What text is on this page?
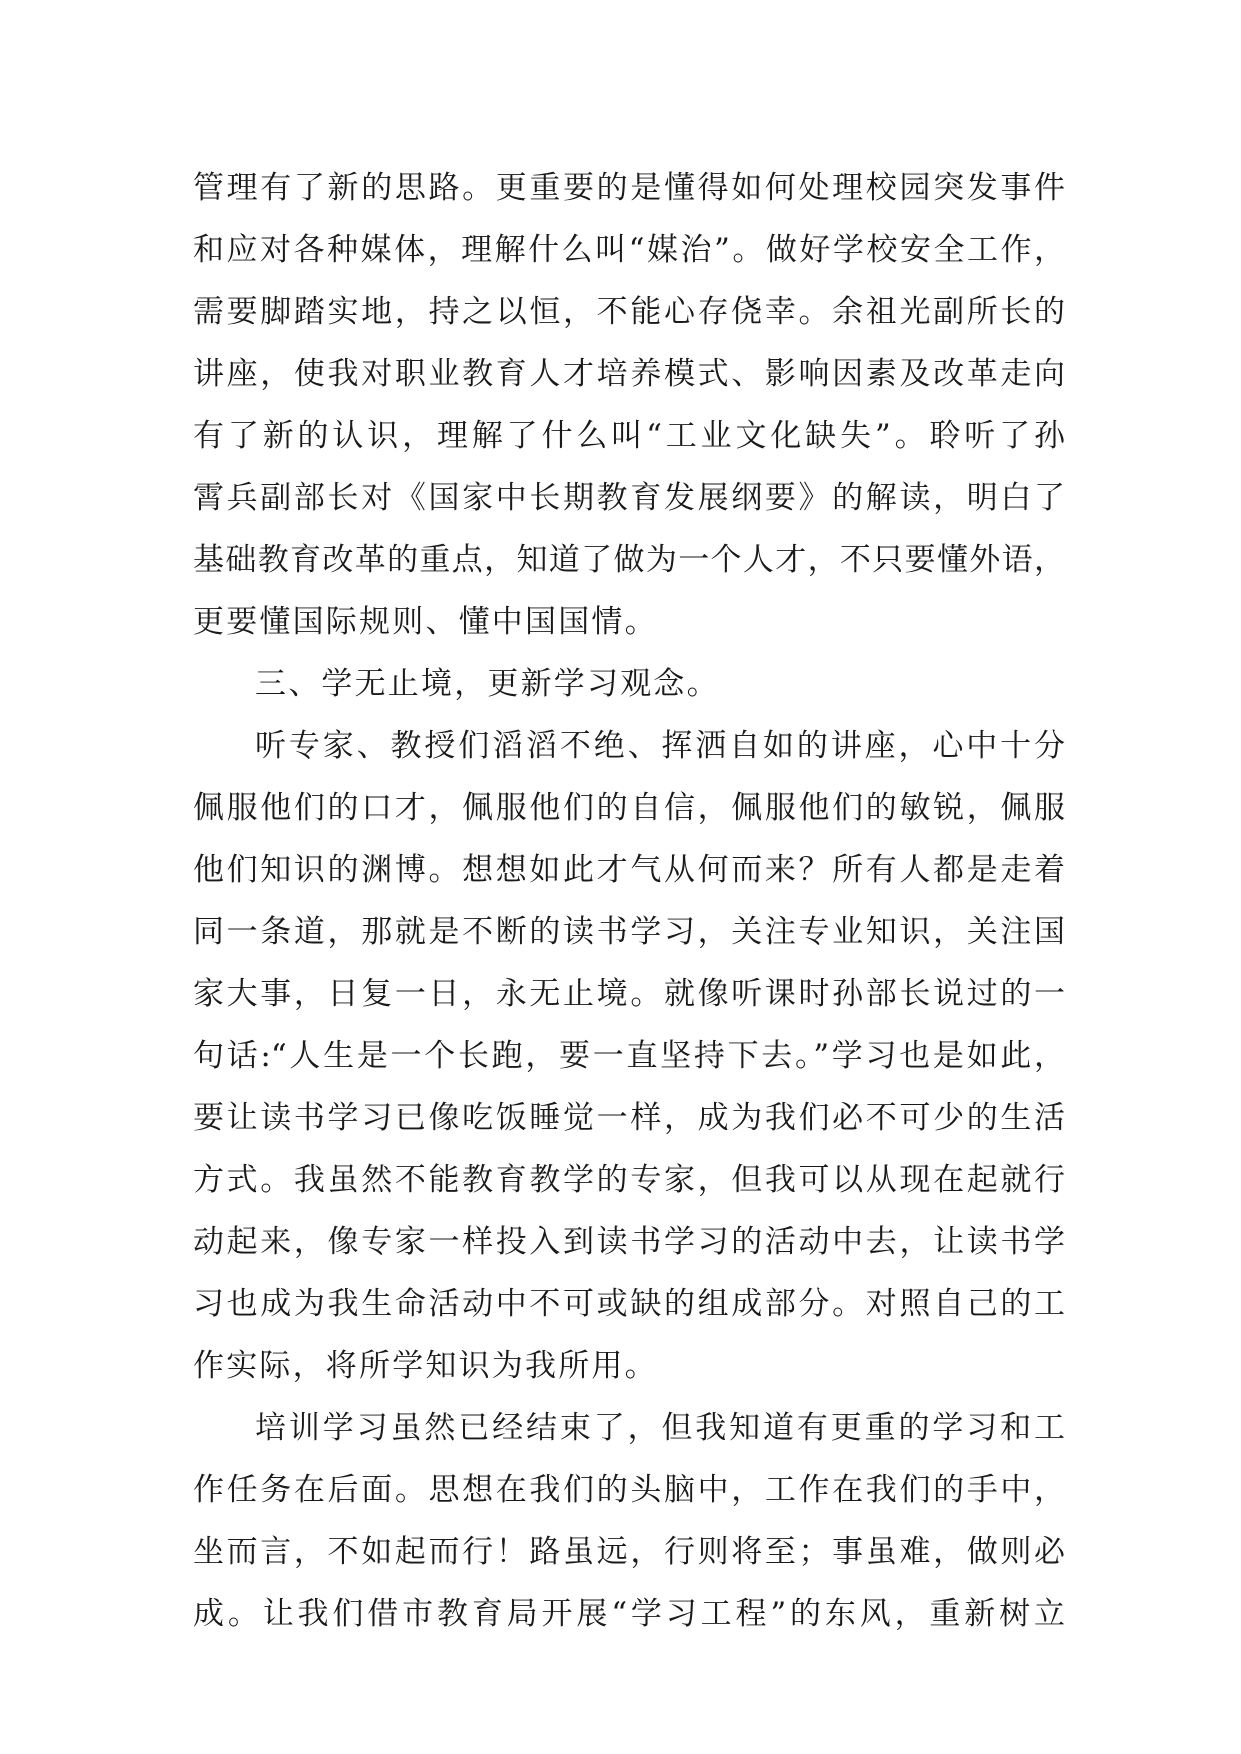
管理有了新的思路。更重要的是懂得如何处理校园突发事件
和应对各种媒体，理解什么叫“媒治”。做好学校安全工作，
需要脚踏实地，持之以恒，不能心存侥幸。余祖光副所长的
讲座，使我对职业教育人才培养模式、影响因素及改革走向
有了新的认识，理解了什么叫“工业文化缺失”。聆听了孙
霄兵副部长对《国家中长期教育发展纲要》的解读，明白了
基础教育改革的重点，知道了做为一个人才，不只要懂外语，
更要懂国际规则、懂中国国情。
三、学无止境，更新学习观念。
听专家、教授们滔滔不绝、挥洒自如的讲座，心中十分
佩服他们的口才，佩服他们的自信，佩服他们的敏锐，佩服
他们知识的渊博。想想如此才气从何而来？所有人都是走着
同一条道，那就是不断的读书学习，关注专业知识，关注国
家大事，日复一日，永无止境。就像听课时孙部长说过的一
句话:“人生是一个长跑，要一直坚持下去。”学习也是如此，
要让读书学习已像吃饭睡觉一样，成为我们必不可少的生活
方式。我虽然不能教育教学的专家，但我可以从现在起就行
动起来，像专家一样投入到读书学习的活动中去，让读书学
习也成为我生命活动中不可或缺的组成部分。对照自己的工
作实际，将所学知识为我所用。
培训学习虽然已经结束了，但我知道有更重的学习和工
作任务在后面。思想在我们的头脑中，工作在我们的手中，
坐而言，不如起而行！路虽远，行则将至；事虽难，做则必
成。让我们借市教育局开展“学习工程”的东风，重新树立
